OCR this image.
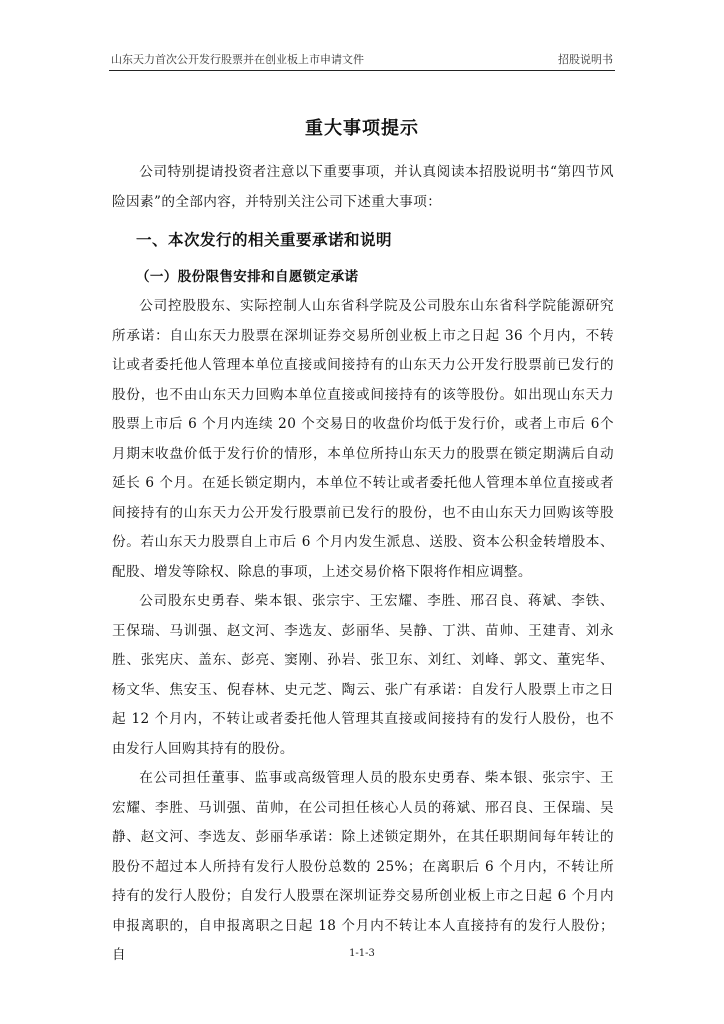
山东天力首次公开发行股票并在创业板上市申请文件	招股说明书
重大事项提示

公司特别提请投资者注意以下重要事项，并认真阅读本招股说明书“第四节风险因素”的全部内容，并特别关注公司下述重大事项：

一、本次发行的相关重要承诺和说明
（一）股份限售安排和自愿锁定承诺

公司控股股东、实际控制人山东省科学院及公司股东山东省科学院能源研究所承诺：自山东天力股票在深圳证券交易所创业板上市之日起 36 个月内，不转让或者委托他人管理本单位直接或间接持有的山东天力公开发行股票前已发行的股份，也不由山东天力回购本单位直接或间接持有的该等股份。如出现山东天力股票上市后 6 个月内连续 20 个交易日的收盘价均低于发行价，或者上市后 6个月期末收盘价低于发行价的情形，本单位所持山东天力的股票在锁定期满后自动延长 6 个月。在延长锁定期内，本单位不转让或者委托他人管理本单位直接或者间接持有的山东天力公开发行股票前已发行的股份，也不由山东天力回购该等股份。若山东天力股票自上市后 6 个月内发生派息、送股、资本公积金转增股本、配股、增发等除权、除息的事项，上述交易价格下限将作相应调整。

公司股东史勇春、柴本银、张宗宇、王宏耀、李胜、邢召良、蒋斌、李铁、王保瑞、马训强、赵文河、李选友、彭丽华、吴静、丁洪、苗帅、王建青、刘永胜、张宪庆、盖东、彭亮、窦刚、孙岩、张卫东、刘红、刘峰、郭文、董宪华、杨文华、焦安玉、倪春林、史元芝、陶云、张广有承诺：自发行人股票上市之日起 12 个月内，不转让或者委托他人管理其直接或间接持有的发行人股份，也不由发行人回购其持有的股份。

在公司担任董事、监事或高级管理人员的股东史勇春、柴本银、张宗宇、王宏耀、李胜、马训强、苗帅，在公司担任核心人员的蒋斌、邢召良、王保瑞、吴静、赵文河、李选友、彭丽华承诺：除上述锁定期外，在其任职期间每年转让的股份不超过本人所持有发行人股份总数的 25%；在离职后 6 个月内，不转让所持有的发行人股份；自发行人股票在深圳证券交易所创业板上市之日起 6 个月内申报离职的，自申报离职之日起 18 个月内不转让本人直接持有的发行人股份；自	1-1-3
